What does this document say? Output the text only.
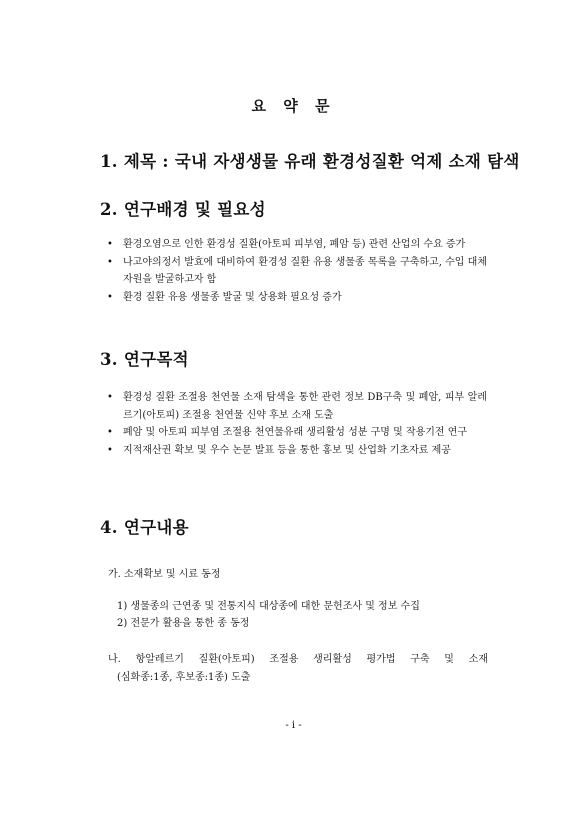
요 약 문
1. 제목 : 국내 자생생물 유래 환경성질환 억제 소재 탐색
2. 연구배경 및 필요성
• 환경오염으로 인한 환경성 질환(아토피 피부염, 폐암 등) 관련 산업의 수요 증가
• 나고야의정서 발효에 대비하여 환경성 질환 유용 생물종 목록을 구축하고, 수입 대체 자원을 발굴하고자 함
• 환경 질환 유용 생물종 발굴 및 상용화 필요성 증가
3. 연구목적
• 환경성 질환 조절용 천연물 소재 탐색을 통한 관련 정보 DB구축 및 폐암, 피부 알레르기(아토피) 조절용 천연물 신약 후보 소재 도출
• 폐암 및 아토피 피부염 조절용 천연물유래 생리활성 성분 구명 및 작용기전 연구
• 지적재산권 확보 및 우수 논문 발표 등을 통한 홍보 및 산업화 기초자료 제공
4. 연구내용
가. 소재확보 및 시료 동정
1) 생물종의 근연종 및 전통지식 대상종에 대한 문헌조사 및 정보 수집
2) 전문가 활용을 통한 종 동정
나. 항알레르기 질환(아토피) 조절용 생리활성 평가법 구축 및 소재
(심화종:1종, 후보종:1종) 도출
- i -
